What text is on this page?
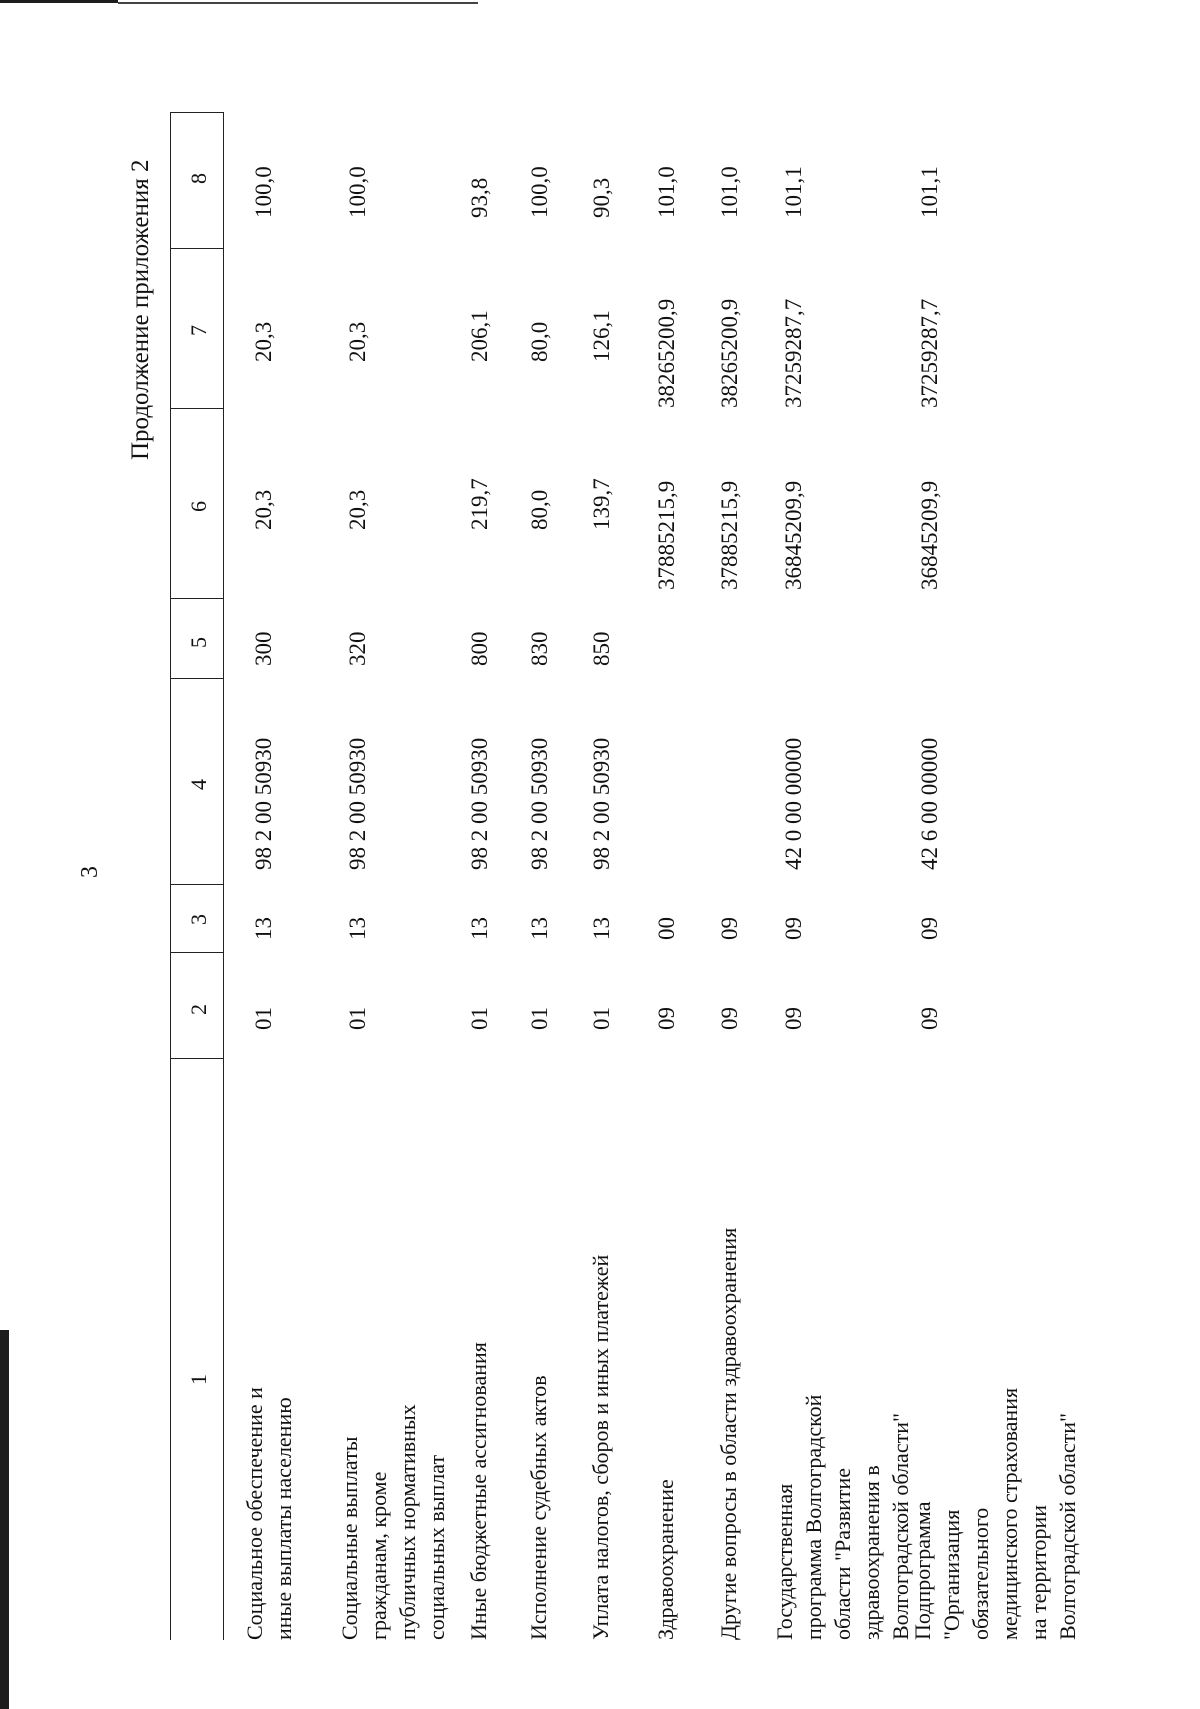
3
Продолжение приложения 2
1
2
3
4
5
6
7
8
Социальное обеспечение и иные выплаты населению
01
13
98 2 00 50930
300
20,3
20,3
100,0
Социальные выплаты гражданам, кроме публичных нормативных социальных выплат
01
13
98 2 00 50930
320
20,3
20,3
100,0
Иные бюджетные ассигнования
01
13
98 2 00 50930
800
219,7
206,1
93,8
Исполнение судебных актов
01
13
98 2 00 50930
830
80,0
80,0
100,0
Уплата налогов, сборов и иных платежей
01
13
98 2 00 50930
850
139,7
126,1
90,3
Здравоохранение
09
00
37885215,9
38265200,9
101,0
Другие вопросы в области здравоохранения
09
09
37885215,9
38265200,9
101,0
Государственная программа Волгоградской области "Развитие здравоохранения в Волгоградской области"
09
09
42 0 00 00000
36845209,9
37259287,7
101,1
Подпрограмма "Организация обязательного медицинского страхования на территории Волгоградской области"
09
09
42 6 00 00000
36845209,9
37259287,7
101,1
